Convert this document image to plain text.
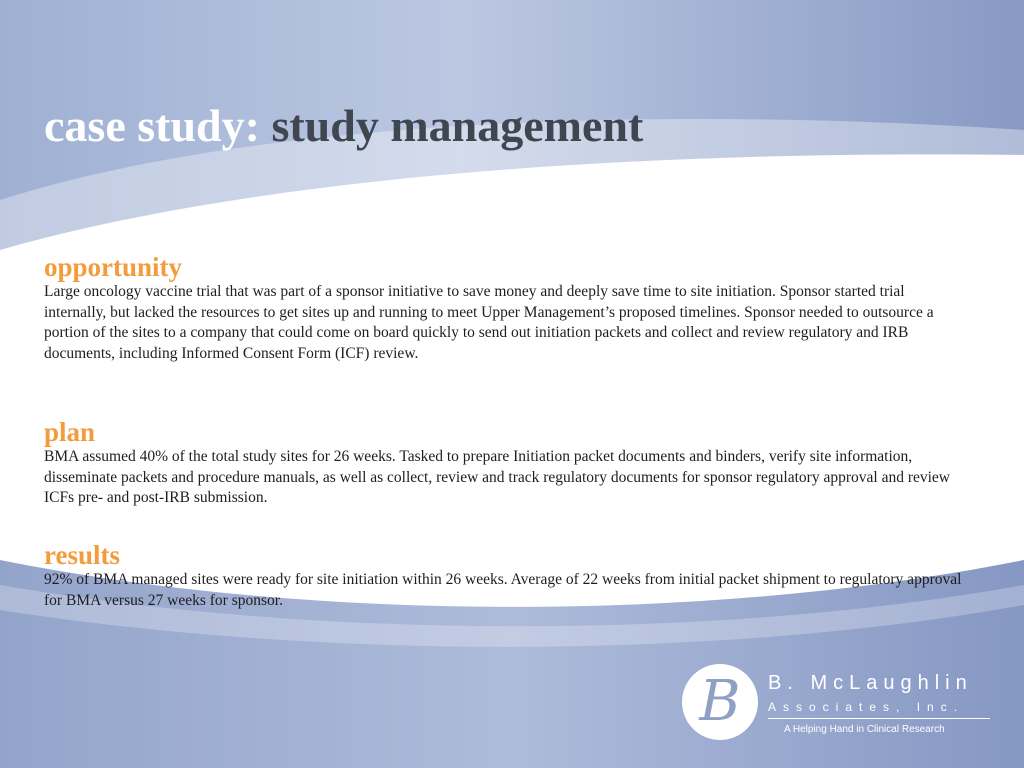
case study: study management
opportunity

Large oncology vaccine trial that was part of a sponsor initiative to save money and deeply save time to site initiation. Sponsor started trial internally, but lacked the resources to get sites up and running to meet Upper Management’s proposed timelines. Sponsor needed to outsource a portion of the sites to a company that could come on board quickly to send out initiation packets and collect and review regulatory and IRB documents, including Informed Consent Form (ICF) review.

plan

BMA assumed 40% of the total study sites for 26 weeks. Tasked to prepare Initiation packet documents and binders, verify site information, disseminate packets and procedure manuals, as well as collect, review and track regulatory documents for sponsor regulatory approval and review ICFs pre- and post-IRB submission.

results

92% of BMA managed sites were ready for site initiation within 26 weeks. Average of 22 weeks from initial packet shipment to regulatory approval for BMA versus 27 weeks for sponsor.

B	B. McLaughlin
Associates, Inc.
A Helping Hand in Clinical Research
